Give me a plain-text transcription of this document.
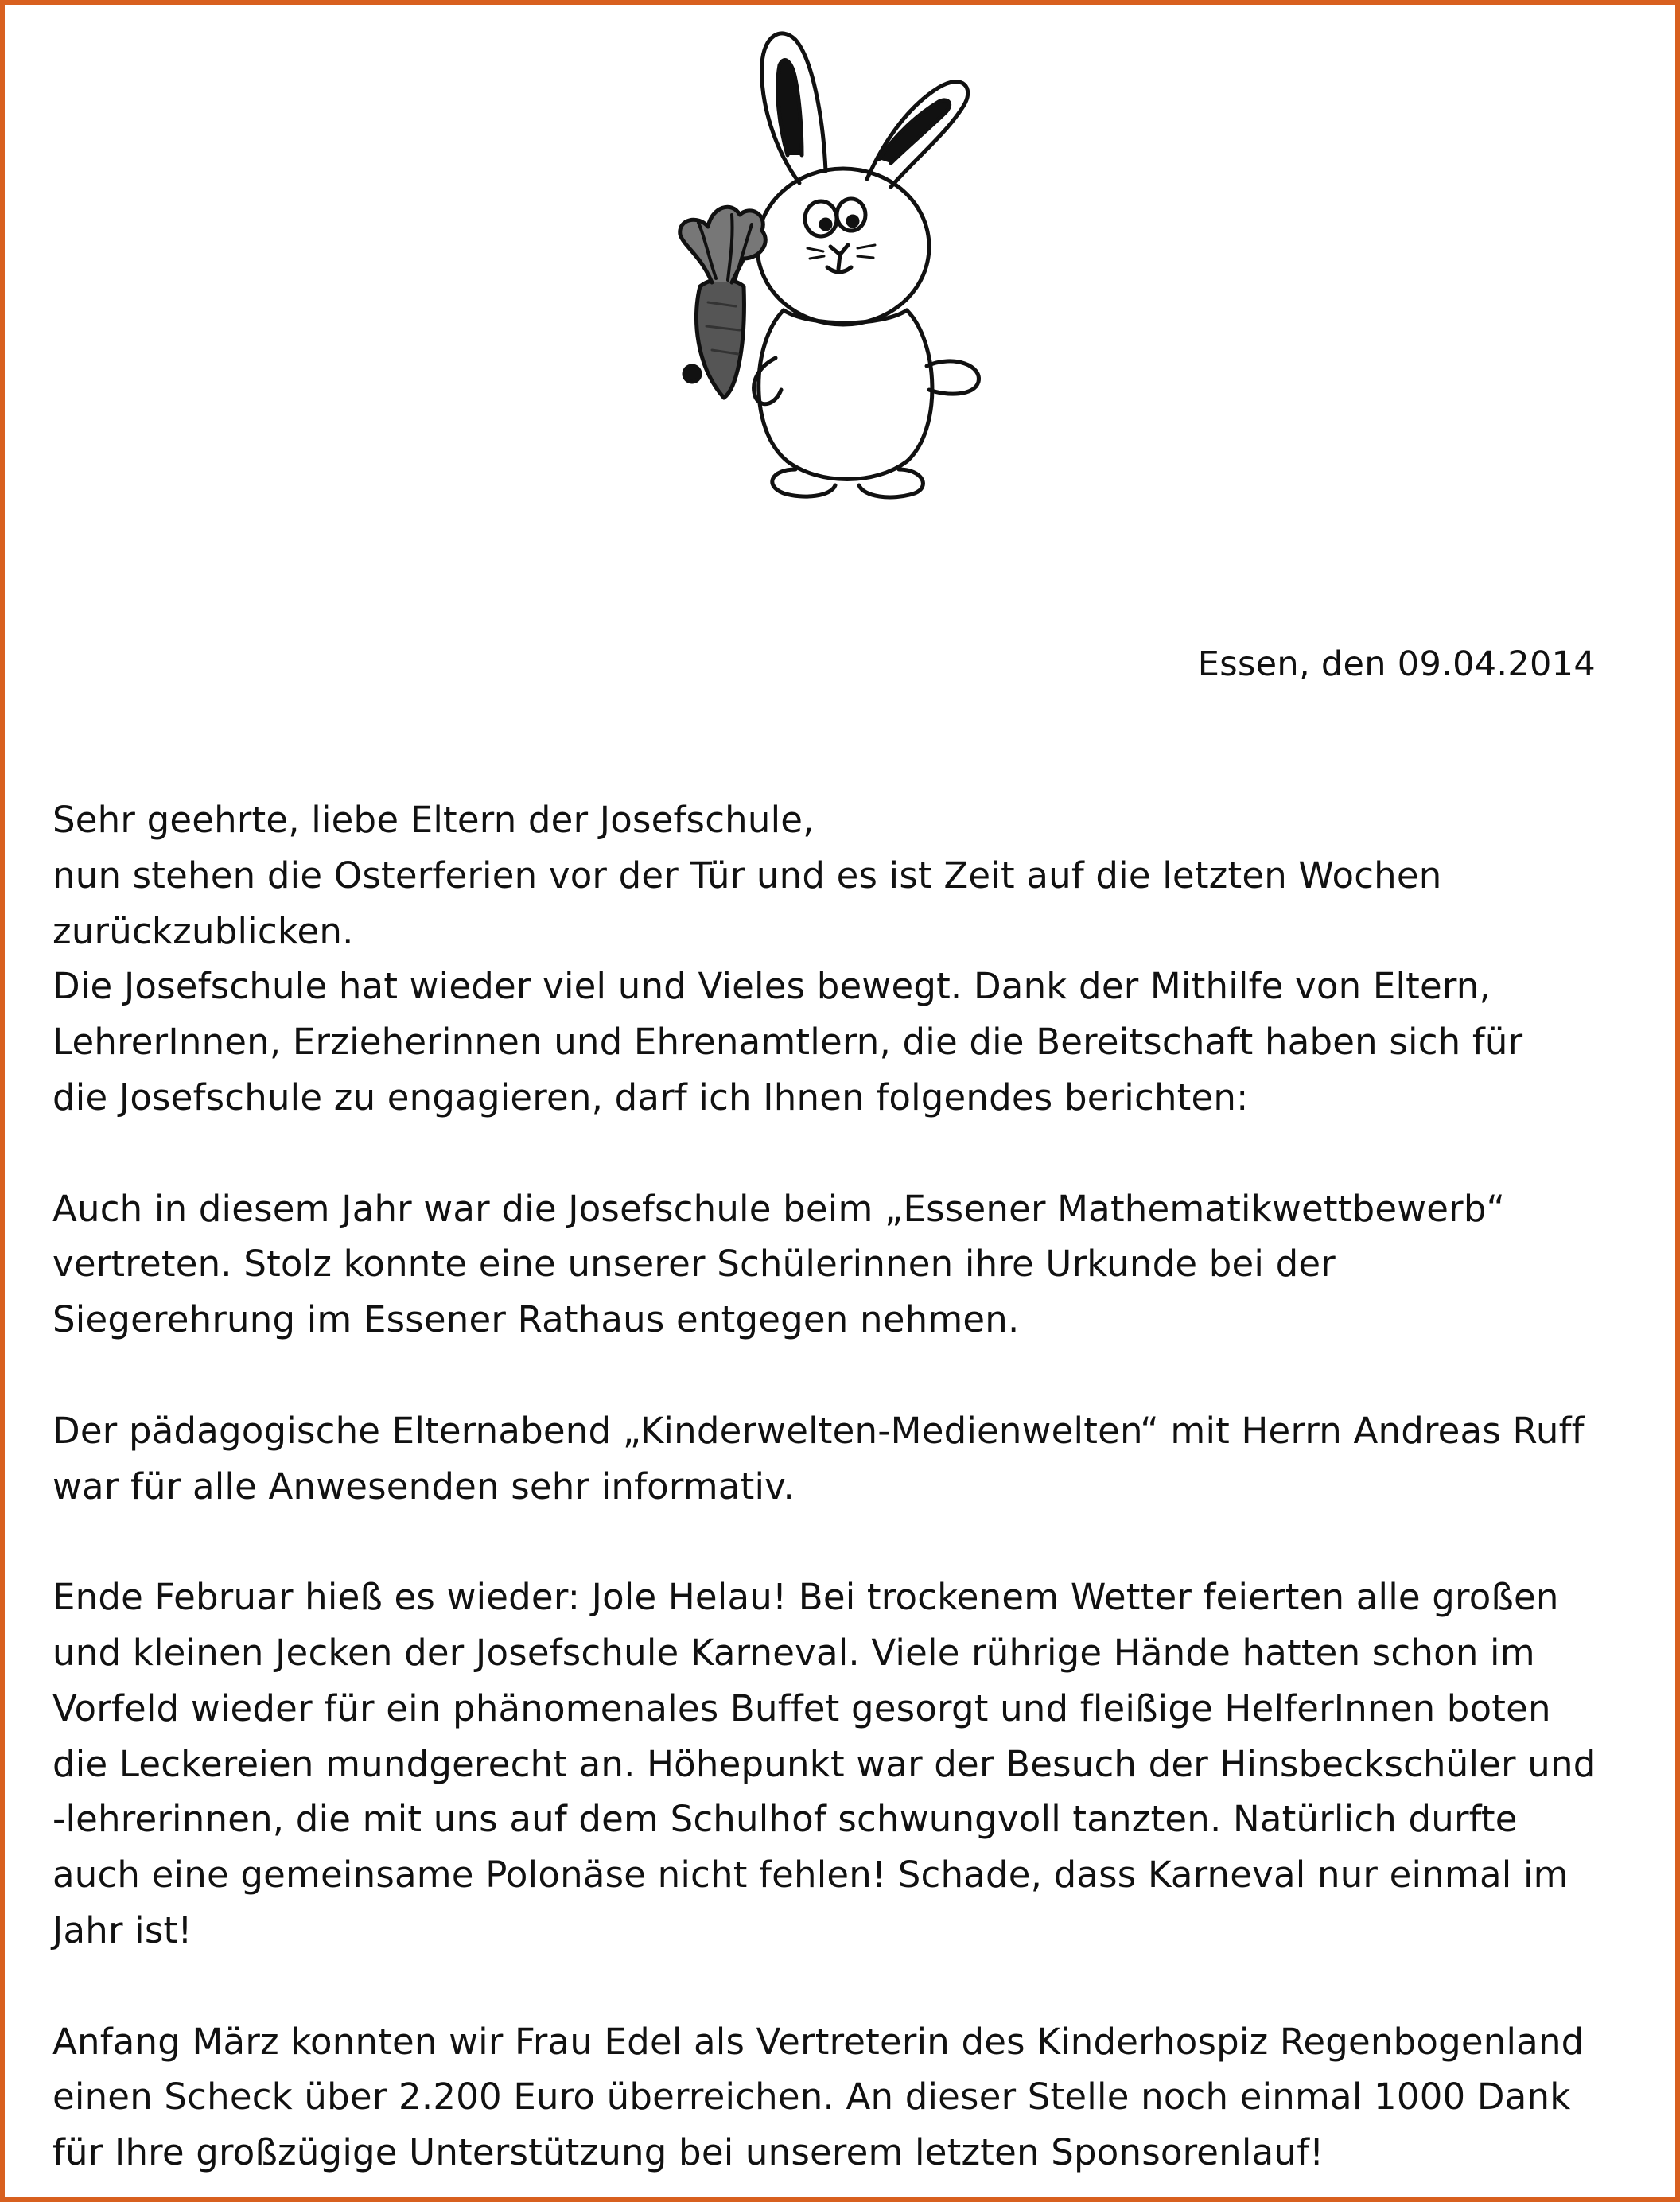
Essen, den 09.04.2014

Sehr geehrte, liebe Eltern der Josefschule,

nun stehen die Osterferien vor der Tür und es ist Zeit auf die letzten Wochen
zurückzublicken.
Die Josefschule hat wieder viel und Vieles bewegt. Dank der Mithilfe von Eltern,
LehrerInnen, Erzieherinnen und Ehrenamtlern, die die Bereitschaft haben sich für
die Josefschule zu engagieren, darf ich Ihnen folgendes berichten:

Auch in diesem Jahr war die Josefschule beim „Essener Mathematikwettbewerb“
vertreten. Stolz konnte eine unserer Schülerinnen ihre Urkunde bei der
Siegerehrung im Essener Rathaus entgegen nehmen.

Der pädagogische Elternabend „Kinderwelten-Medienwelten“ mit Herrn Andreas Ruff
war für alle Anwesenden sehr informativ.

Ende Februar hieß es wieder: Jole Helau! Bei trockenem Wetter feierten alle großen
und kleinen Jecken der Josefschule Karneval. Viele rührige Hände hatten schon im
Vorfeld wieder für ein phänomenales Buffet gesorgt und fleißige HelferInnen boten
die Leckereien mundgerecht an. Höhepunkt war der Besuch der Hinsbeckschüler und
-lehrerinnen, die mit uns auf dem Schulhof schwungvoll tanzten. Natürlich durfte
auch eine gemeinsame Polonäse nicht fehlen! Schade, dass Karneval nur einmal im
Jahr ist!

Anfang März konnten wir Frau Edel als Vertreterin des Kinderhospiz Regenbogenland
einen Scheck über 2.200 Euro überreichen. An dieser Stelle noch einmal 1000 Dank
für Ihre großzügige Unterstützung bei unserem letzten Sponsorenlauf!
